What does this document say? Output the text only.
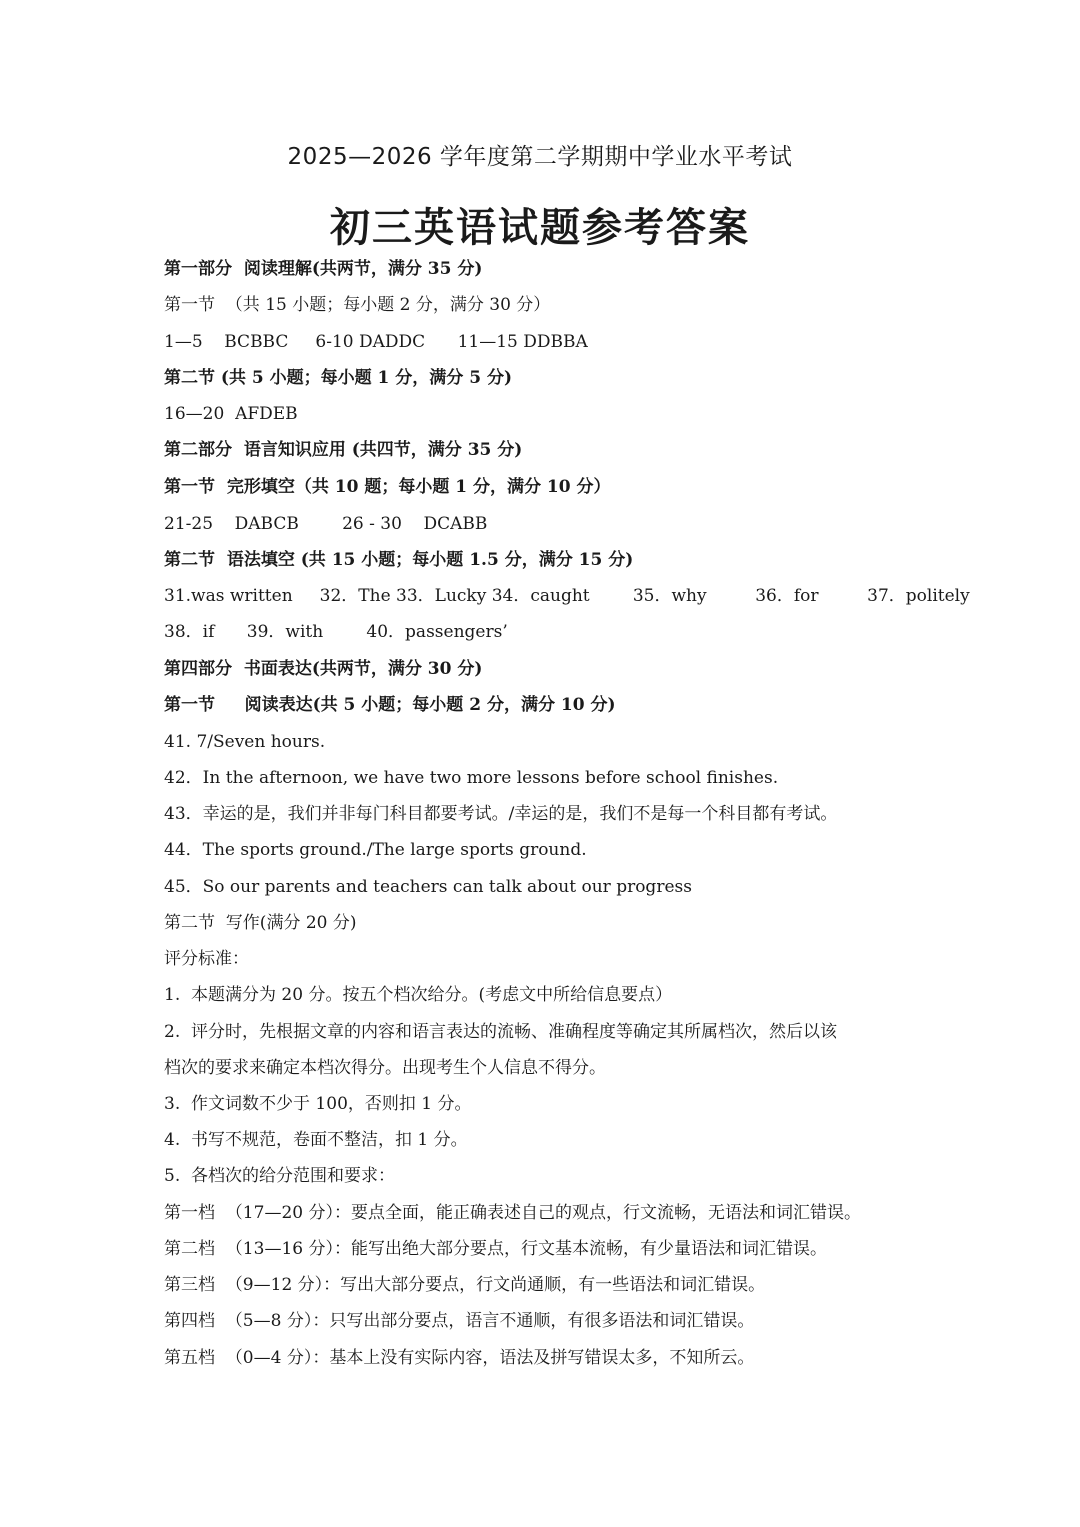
2025—2026 学年度第二学期期中学业水平考试
初三英语试题参考答案
第一部分  阅读理解(共两节，满分 35 分)
第一节  （共 15 小题；每小题 2 分，满分 30 分）
1—5    BCBBC     6-10 DADDC      11—15 DDBBA
第二节 (共 5 小题；每小题 1 分，满分 5 分)
16—20  AFDEB
第二部分  语言知识应用 (共四节，满分 35 分)
第一节  完形填空（共 10 题；每小题 1 分，满分 10 分）
21-25    DABCB        26 - 30    DCABB
第二节  语法填空 (共 15 小题；每小题 1.5 分，满分 15 分)
31.was written     32．The 33．Lucky 34．caught        35．why         36．for         37．politely
38．if      39．with        40．passengers’
第四部分  书面表达(共两节，满分 30 分)
第一节     阅读表达(共 5 小题；每小题 2 分，满分 10 分)
41. 7/Seven hours.
42．In the afternoon, we have two more lessons before school finishes.
43．幸运的是，我们并非每门科目都要考试。/幸运的是，我们不是每一个科目都有考试。
44．The sports ground./The large sports ground.
45．So our parents and teachers can talk about our progress
第二节  写作(满分 20 分)
评分标准：
1.  本题满分为 20 分。按五个档次给分。(考虑文中所给信息要点）
2.  评分时，先根据文章的内容和语言表达的流畅、准确程度等确定其所属档次，然后以该
档次的要求来确定本档次得分。出现考生个人信息不得分。
3.  作文词数不少于 100，否则扣 1 分。
4.  书写不规范，卷面不整洁，扣 1 分。
5.  各档次的给分范围和要求：
第一档  （17—20 分）：要点全面，能正确表述自己的观点，行文流畅，无语法和词汇错误。
第二档  （13—16 分）：能写出绝大部分要点，行文基本流畅，有少量语法和词汇错误。
第三档  （9—12 分）：写出大部分要点，行文尚通顺，有一些语法和词汇错误。
第四档  （5—8 分）：只写出部分要点，语言不通顺，有很多语法和词汇错误。
第五档  （0—4 分）：基本上没有实际内容，语法及拼写错误太多，不知所云。
